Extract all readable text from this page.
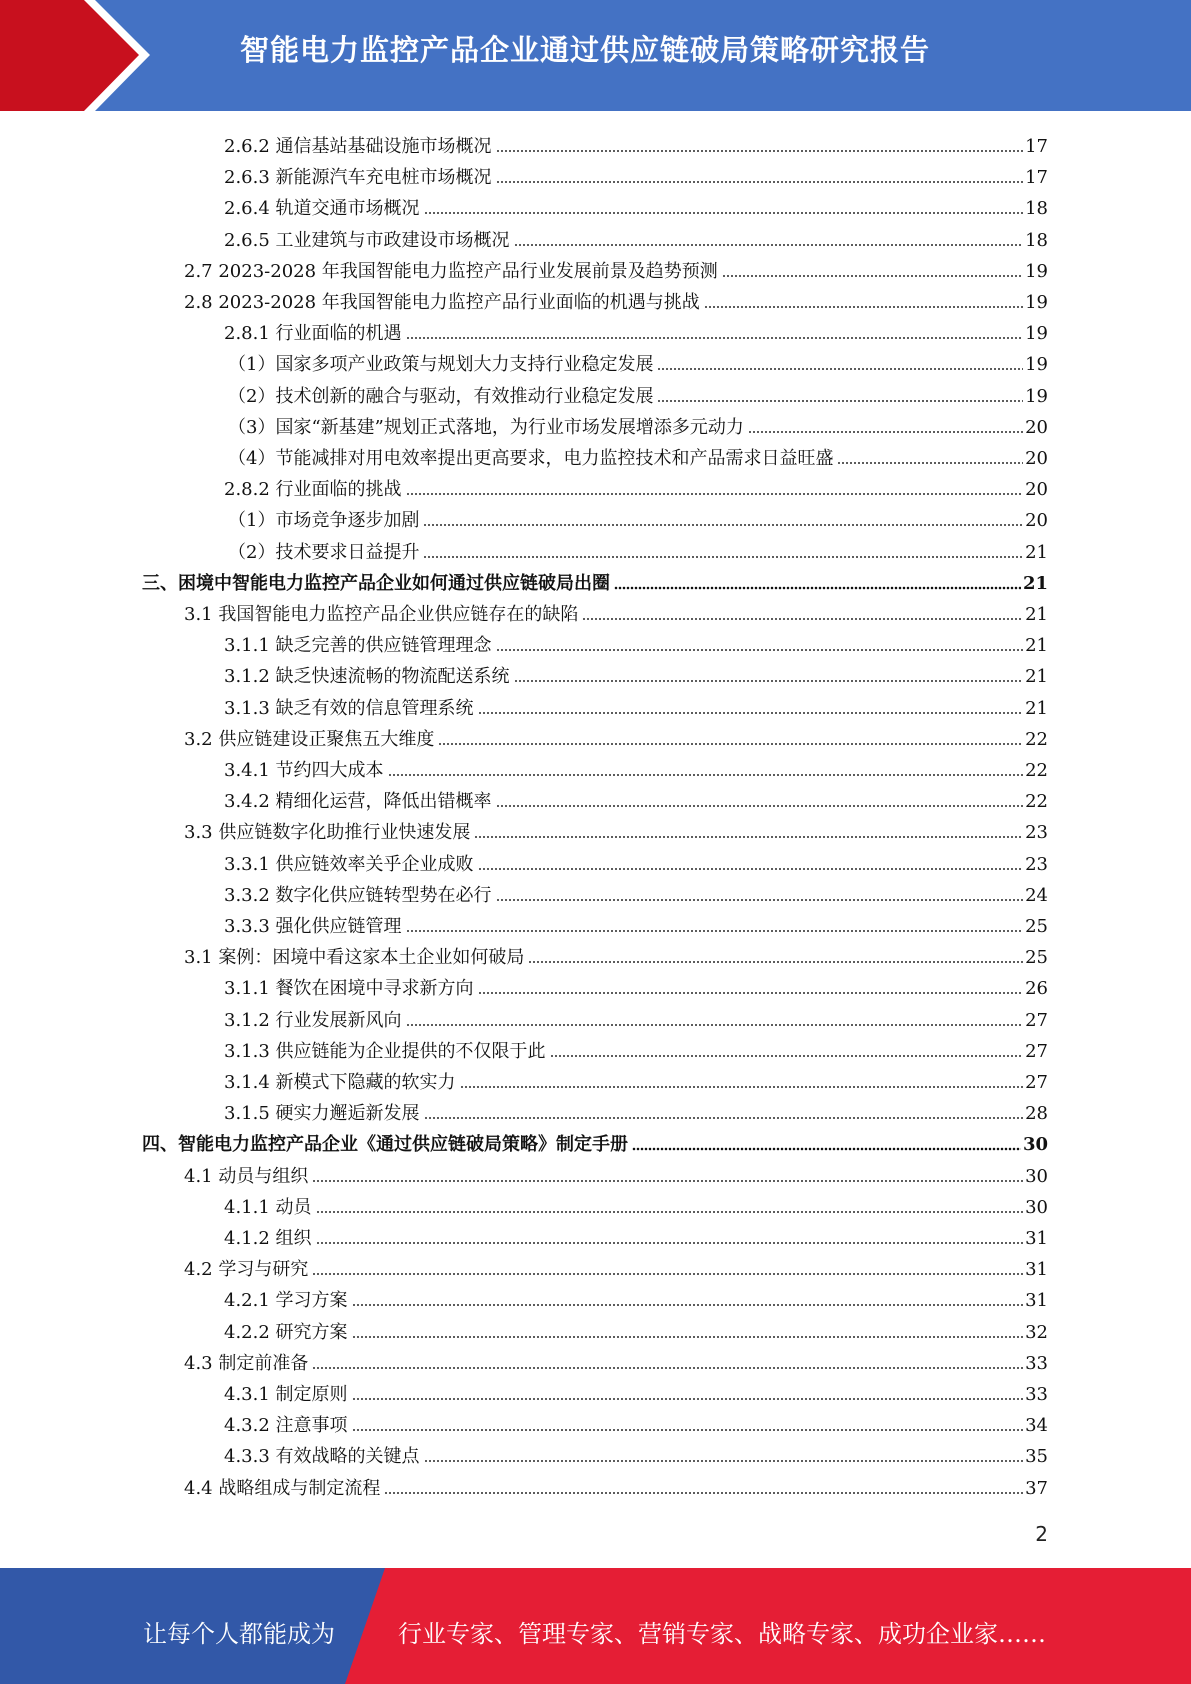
智能电力监控产品企业通过供应链破局策略研究报告
2.6.2 通信基站基础设施市场概况	17
2.6.3 新能源汽车充电桩市场概况	17
2.6.4 轨道交通市场概况	18
2.6.5 工业建筑与市政建设市场概况	18
2.7 2023-2028 年我国智能电力监控产品行业发展前景及趋势预测	19
2.8 2023-2028 年我国智能电力监控产品行业面临的机遇与挑战	19
2.8.1 行业面临的机遇	19
（1）国家多项产业政策与规划大力支持行业稳定发展	19
（2）技术创新的融合与驱动，有效推动行业稳定发展	19
（3）国家“新基建”规划正式落地，为行业市场发展增添多元动力	20
（4）节能减排对用电效率提出更高要求，电力监控技术和产品需求日益旺盛	20
2.8.2 行业面临的挑战	20
（1）市场竞争逐步加剧	20
（2）技术要求日益提升	21
三、困境中智能电力监控产品企业如何通过供应链破局出圈	21
3.1 我国智能电力监控产品企业供应链存在的缺陷	21
3.1.1 缺乏完善的供应链管理理念	21
3.1.2 缺乏快速流畅的物流配送系统	21
3.1.3 缺乏有效的信息管理系统	21
3.2 供应链建设正聚焦五大维度	22
3.4.1 节约四大成本	22
3.4.2 精细化运营，降低出错概率	22
3.3 供应链数字化助推行业快速发展	23
3.3.1 供应链效率关乎企业成败	23
3.3.2 数字化供应链转型势在必行	24
3.3.3 强化供应链管理	25
3.1 案例：困境中看这家本土企业如何破局	25
3.1.1 餐饮在困境中寻求新方向	26
3.1.2 行业发展新风向	27
3.1.3 供应链能为企业提供的不仅限于此	27
3.1.4 新模式下隐藏的软实力	27
3.1.5 硬实力邂逅新发展	28
四、智能电力监控产品企业《通过供应链破局策略》制定手册	30
4.1 动员与组织	30
4.1.1 动员	30
4.1.2 组织	31
4.2 学习与研究	31
4.2.1 学习方案	31
4.2.2 研究方案	32
4.3 制定前准备	33
4.3.1 制定原则	33
4.3.2 注意事项	34
4.3.3 有效战略的关键点	35
4.4 战略组成与制定流程	37
2
让每个人都能成为	行业专家、管理专家、营销专家、战略专家、成功企业家……
